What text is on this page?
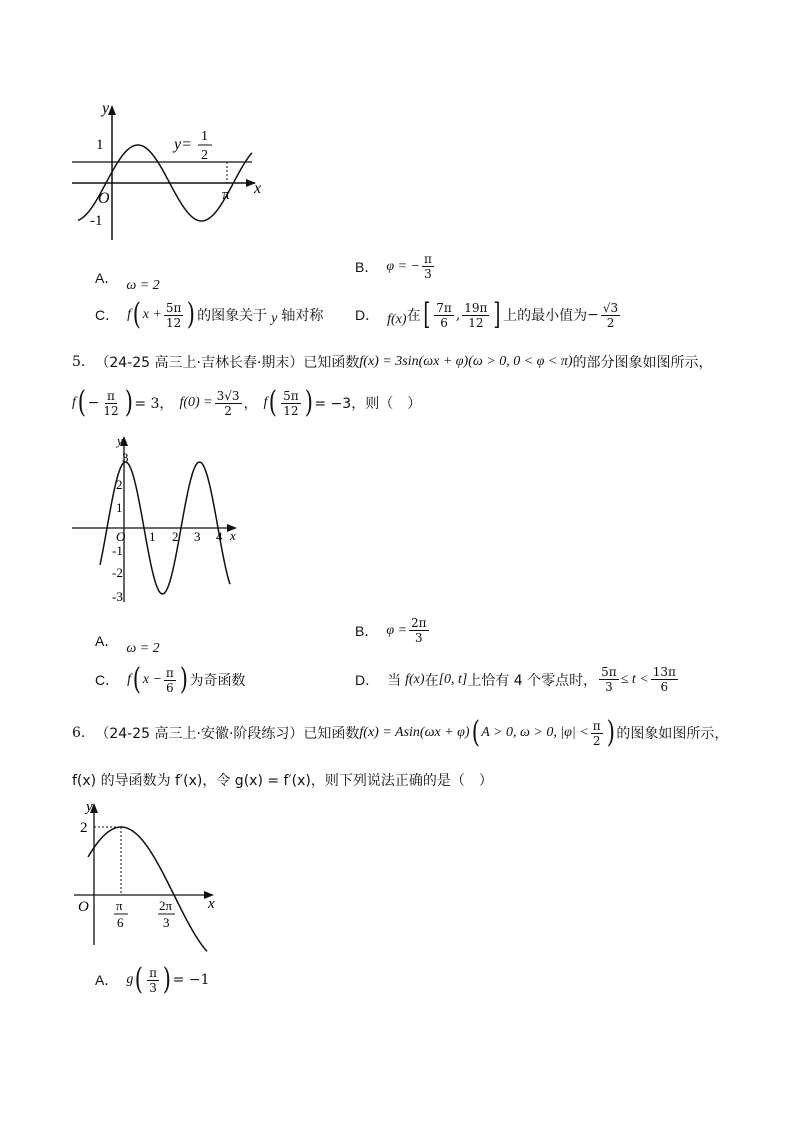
y
x
O
1
-1
π
y= 1
2
A． ω = 2
B． φ = − $\frac{\pi}{3}$
C． f ( $x + \frac{5\pi}{12}$ ) 的图象关于 y 轴对称 D． f(x) 在 [ $\frac{7\pi}{6}$ , $\frac{19\pi}{12}$ ] 上的最小值为 − $\frac{√3}{2}$
5. （24-25 高三上·吉林长春·期末）已知函数 f(x) = 3sin(ωx + φ) (ω > 0, 0 < φ < π) 的部分图象如图所示，
f ( − $\frac{\pi}{12}$ ) = 3， $f(0) = \frac{3√3}{2}$ ， f ( $\frac{5\pi}{12}$ ) = −3，则（　）
y
x
O
3
2
1
-1
-2
-3
1 2 3 4
A． ω = 2
B． $\varphi = \frac{2\pi}{3}$
C． f ( $x - \frac{\pi}{6}$ ) 为奇函数	D． 当 f(x) 在 [0, t] 上恰有 4 个零点时， $\frac{5\pi}{3} \le t < \frac{13\pi}{6}$
6. （24-25 高三上·安徽·阶段练习）已知函数 f(x) = Asin(ωx + φ) ( A > 0, ω > 0, $|\varphi| < \frac{\pi}{2}$ ) 的图象如图所示，
f(x) 的导函数为 f′(x)，令 g(x) = f′(x)，则下列说法正确的是（　）
y
x
O
2
π
6
2π
3
A． g ( $\frac{\pi}{3}$ ) = −1
